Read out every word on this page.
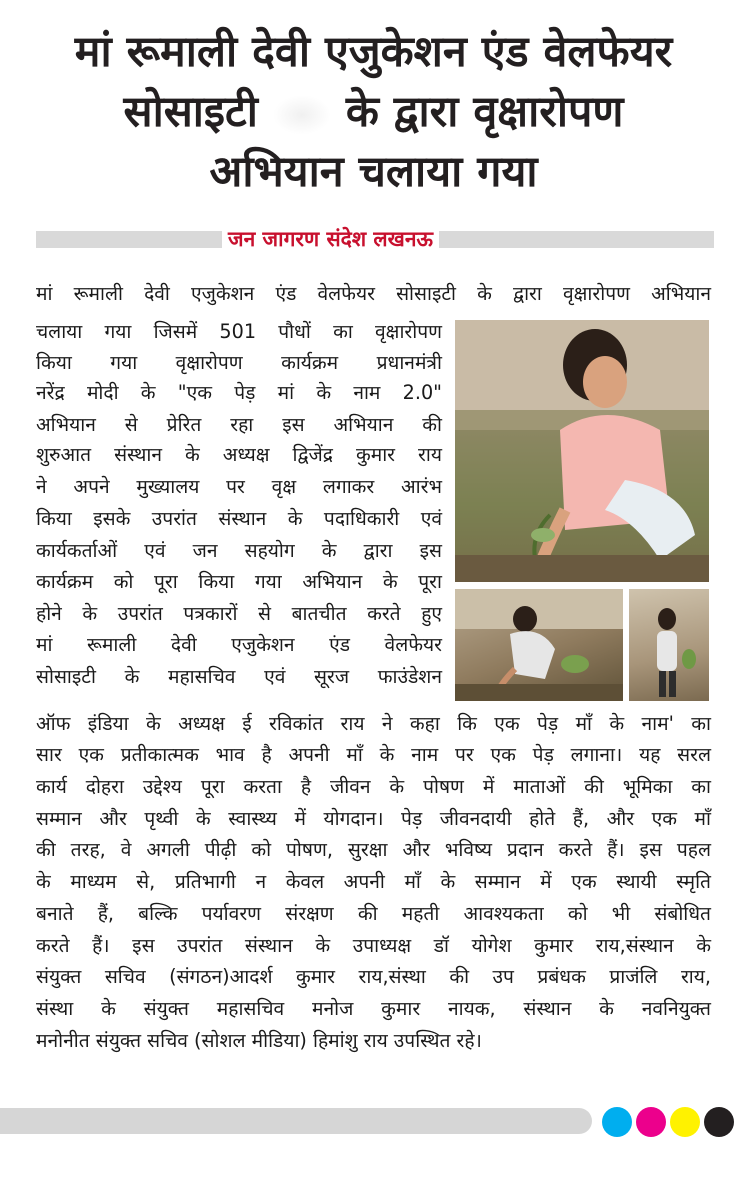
मां रूमाली देवी एजुकेशन एंड वेलफेयर
सोसाइटी के द्वारा वृक्षारोपण
अभियान चलाया गया
जन जागरण संदेश लखनऊ
मां रूमाली देवी एजुकेशन एंड वेलफेयर सोसाइटी के द्वारा वृक्षारोपण अभियान
चलाया गया जिसमें 501 पौधों का वृक्षारोपण
किया गया वृक्षारोपण कार्यक्रम प्रधानमंत्री
नरेंद्र मोदी के "एक पेड़ मां के नाम 2.0"
अभियान से प्रेरित रहा इस अभियान की
शुरुआत संस्थान के अध्यक्ष द्विजेंद्र कुमार राय
ने अपने मुख्यालय पर वृक्ष लगाकर आरंभ
किया इसके उपरांत संस्थान के पदाधिकारी एवं
कार्यकर्ताओं एवं जन सहयोग के द्वारा इस
कार्यक्रम को पूरा किया गया अभियान के पूरा
होने के उपरांत पत्रकारों से बातचीत करते हुए
मां रूमाली देवी एजुकेशन एंड वेलफेयर
सोसाइटी के महासचिव एवं सूरज फाउंडेशन
ऑफ इंडिया के अध्यक्ष ई रविकांत राय ने कहा कि एक पेड़ माँ के नाम' का
सार एक प्रतीकात्मक भाव है अपनी माँ के नाम पर एक पेड़ लगाना। यह सरल
कार्य दोहरा उद्देश्य पूरा करता है जीवन के पोषण में माताओं की भूमिका का
सम्मान और पृथ्वी के स्वास्थ्य में योगदान। पेड़ जीवनदायी होते हैं, और एक माँ
की तरह, वे अगली पीढ़ी को पोषण, सुरक्षा और भविष्य प्रदान करते हैं। इस पहल
के माध्यम से, प्रतिभागी न केवल अपनी माँ के सम्मान में एक स्थायी स्मृति
बनाते हैं, बल्कि पर्यावरण संरक्षण की महती आवश्यकता को भी संबोधित
करते हैं। इस उपरांत संस्थान के उपाध्यक्ष डॉ योगेश कुमार राय,संस्थान के
संयुक्त सचिव (संगठन)आदर्श कुमार राय,संस्था की उप प्रबंधक प्राजंलि राय,
संस्था के संयुक्त महासचिव मनोज कुमार नायक, संस्थान के नवनियुक्त
मनोनीत संयुक्त सचिव (सोशल मीडिया) हिमांशु राय उपस्थित रहे।
